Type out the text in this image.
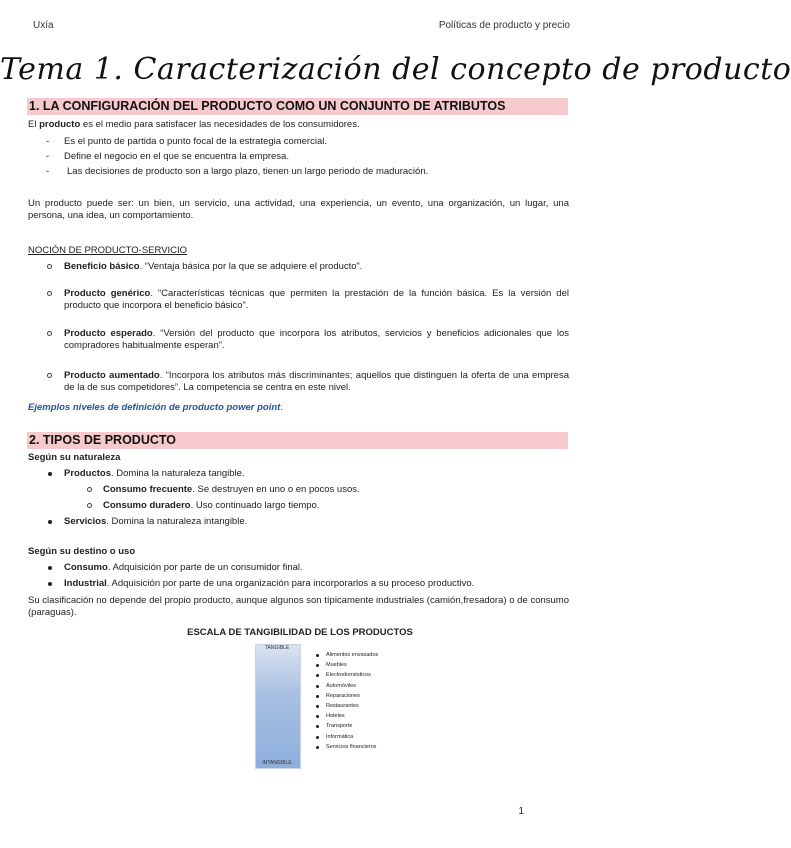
Uxía	Políticas de producto y precio
Tema 1. Caracterización del concepto de producto
1. LA CONFIGURACIÓN DEL PRODUCTO COMO UN CONJUNTO DE ATRIBUTOS
El producto es el medio para satisfacer las necesidades de los consumidores.
- Es el punto de partida o punto focal de la estrategia comercial.
- Define el negocio en el que se encuentra la empresa.
- Las decisiones de producto son a largo plazo, tienen un largo periodo de maduración.
Un producto puede ser: un bien, un servicio, una actividad, una experiencia, un evento, una organización, un lugar, una persona, una idea, un comportamiento.
NOCIÓN DE PRODUCTO-SERVICIO
Beneficio básico. “Ventaja básica por la que se adquiere el producto”.
Producto genérico. “Características técnicas que permiten la prestación de la función básica. Es la versión del producto que incorpora el beneficio básico”.
Producto esperado. “Versión del producto que incorpora los atributos, servicios y beneficios adicionales que los compradores habitualmente esperan”.
Producto aumentado. “Incorpora los atributos más discriminantes; aquellos que distinguen la oferta de una empresa de la de sus competidores”. La competencia se centra en este nivel.
Ejemplos niveles de definición de producto power point.
2. TIPOS DE PRODUCTO
Según su naturaleza
Productos. Domina la naturaleza tangible.
Consumo frecuente. Se destruyen en uno o en pocos usos.
Consumo duradero. Uso continuado largo tiempo.
Servicios. Domina la naturaleza intangible.
Según su destino o uso
Consumo. Adquisición por parte de un consumidor final.
Industrial. Adquisición por parte de una organización para incorporarlos a su proceso productivo.
Su clasificación no depende del propio producto, aunque algunos son típicamente industriales (camión,fresadora) o de consumo (paraguas).
ESCALA DE TANGIBILIDAD DE LOS PRODUCTOS
TANGIBLE
INTANGIBLE
Alimentos envasados
Muebles
Electrodomésticos
Automóviles
Reparaciones
Restaurantes
Hoteles
Transporte
Informática
Servicios financieros
1
